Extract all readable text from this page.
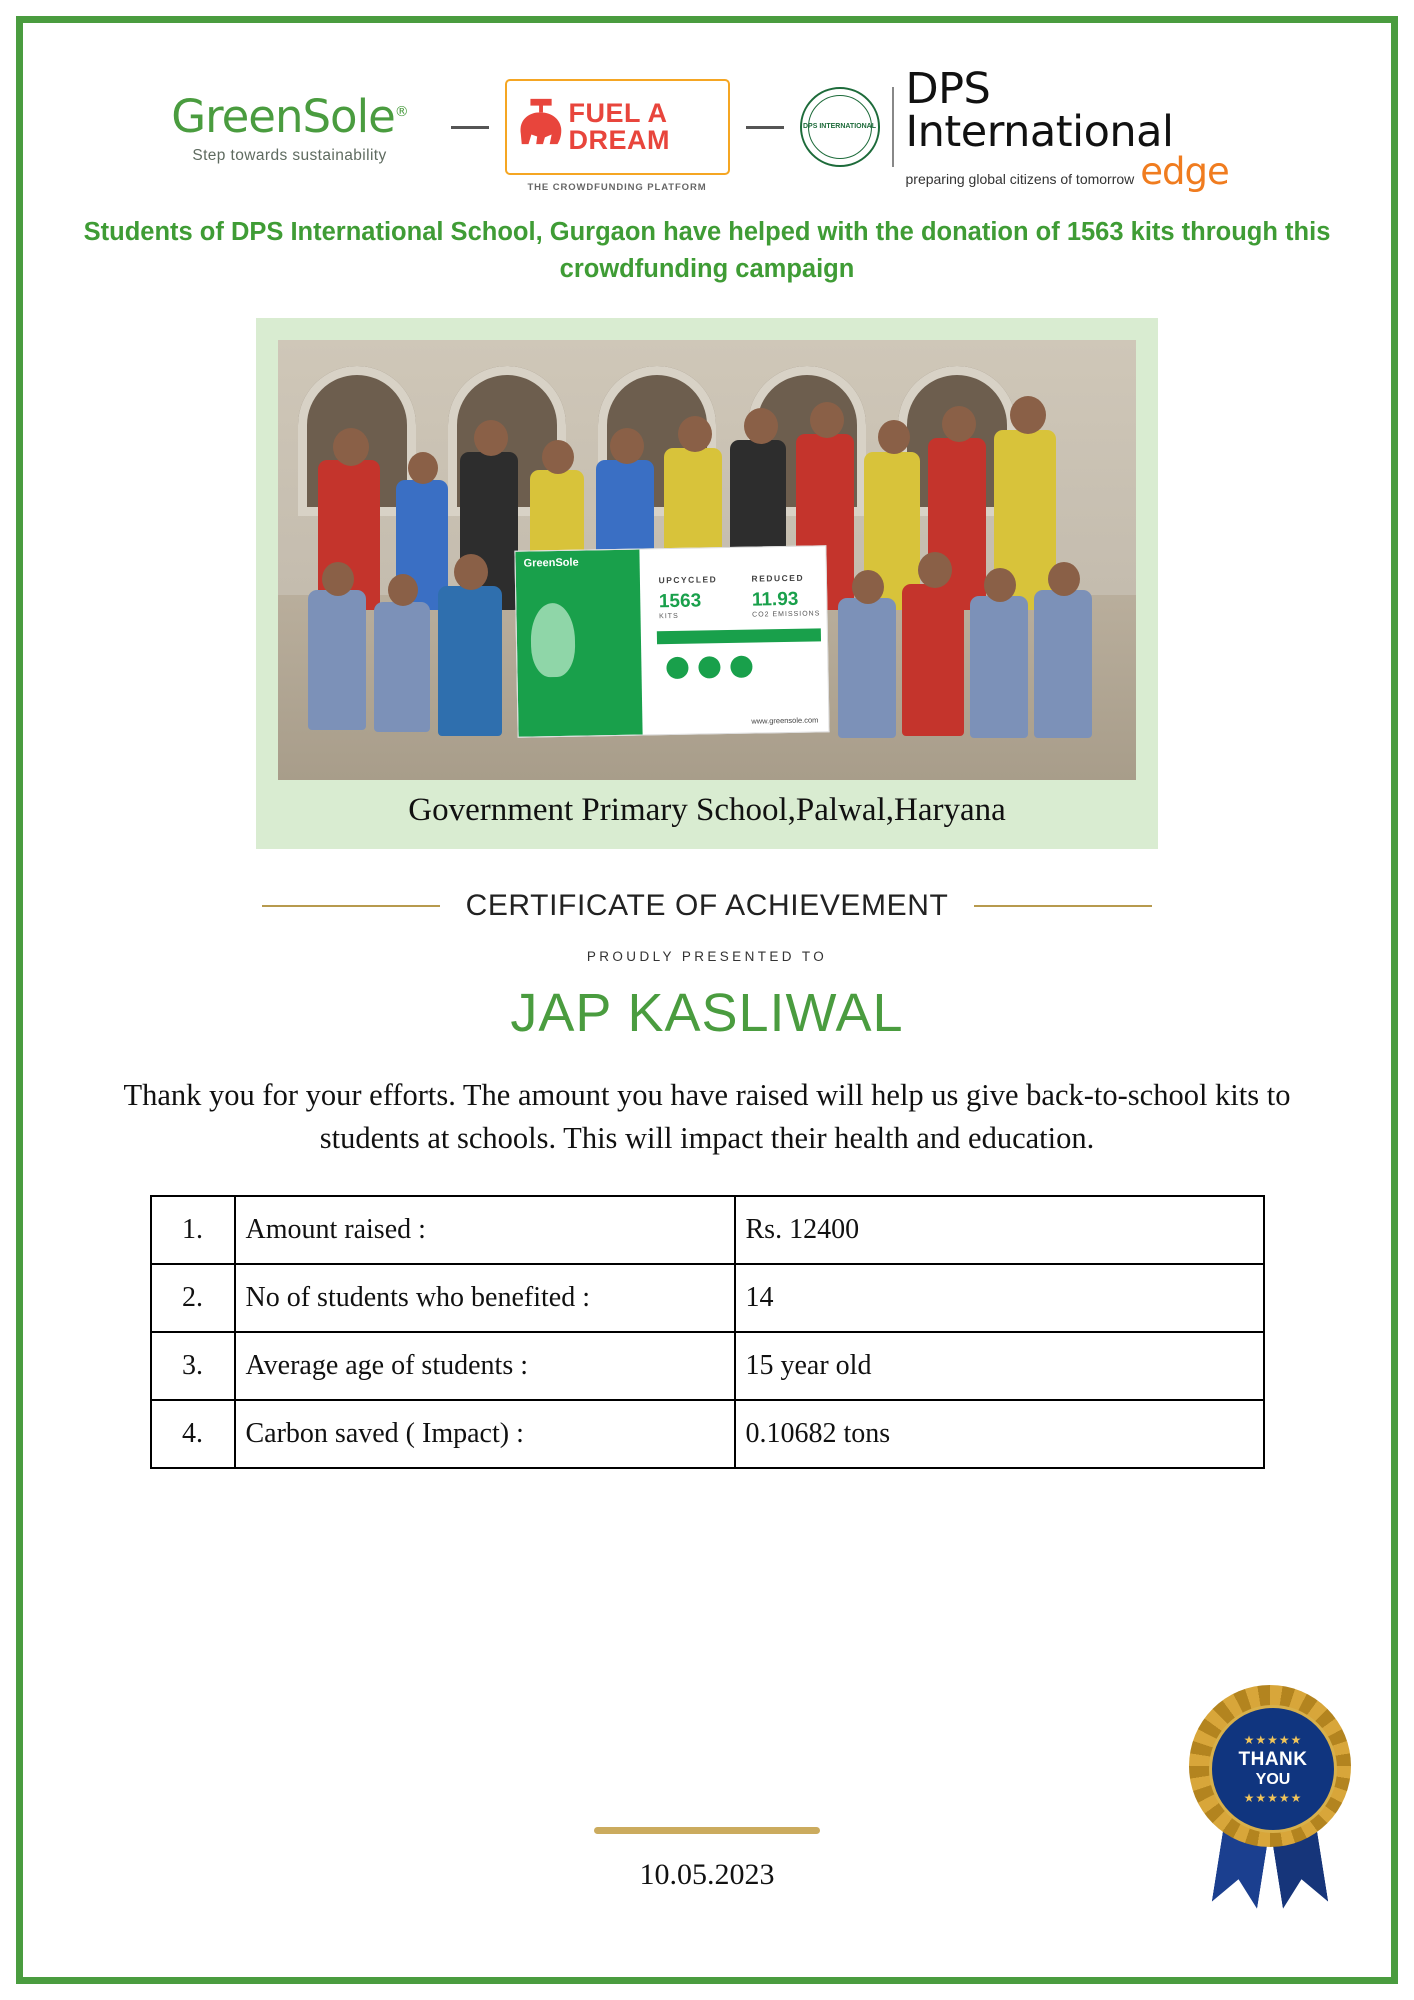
GreenSole®
Step towards sustainability
FUEL A
DREAM
THE CROWDFUNDING PLATFORM
DPS INTERNATIONAL
DPS International
preparing global citizens of tomorrow edge
Students of DPS International School, Gurgaon have helped with the donation of 1563 kits through this crowdfunding campaign
GreenSole
UPCYCLED	REDUCED
1563
KITS
11.93
CO2 EMISSIONS
www.greensole.com
Government Primary School,Palwal,Haryana
CERTIFICATE OF ACHIEVEMENT
PROUDLY PRESENTED TO
JAP KASLIWAL
Thank you for your efforts. The amount you have raised will help us give back-to-school kits to students at schools. This will impact their health and education.
1.	Amount raised :	Rs. 12400
2.	No of students who benefited :	14
3.	Average age of students :	15 year old
4.	Carbon saved ( Impact) :	0.10682 tons
10.05.2023
★★★★★
THANK
YOU
★★★★★
